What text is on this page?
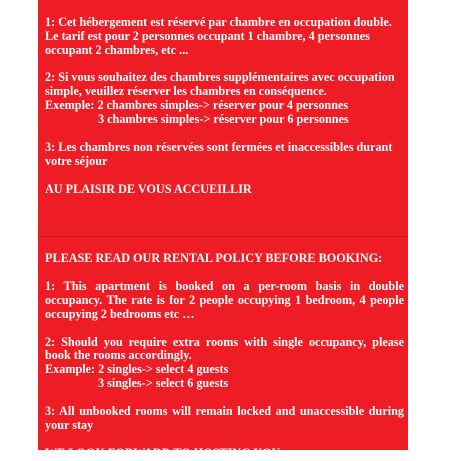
1: Cet hébergement est réservé par chambre en occupation double.
Le tarif est pour 2 personnes occupant 1 chambre, 4 personnes
occupant 2 chambres, etc ...
2: Si vous souhaitez des chambres supplémentaires avec occupation
simple, veuillez réserver les chambres en conséquence.
Exemple: 2 chambres simples-> réserver pour 4 personnes
3 chambres simples-> réserver pour 6 personnes
3: Les chambres non réservées sont fermées et inaccessibles durant
votre séjour

AU PLAISIR DE VOUS ACCUEILLIR

PLEASE READ OUR RENTAL POLICY BEFORE BOOKING:

1: This apartment is booked on a per-room basis in double occupancy. The rate is for 2 people occupying 1 bedroom, 4 people occupying 2 bedrooms etc …

2: Should you require extra rooms with single occupancy, please book the rooms accordingly.

Example: 2 singles-> select 4 guests
3 singles-> select 6 guests

3: All unbooked rooms will remain locked and unaccessible during your stay

WE LOOK FORWARD TO HOSTING YOU
